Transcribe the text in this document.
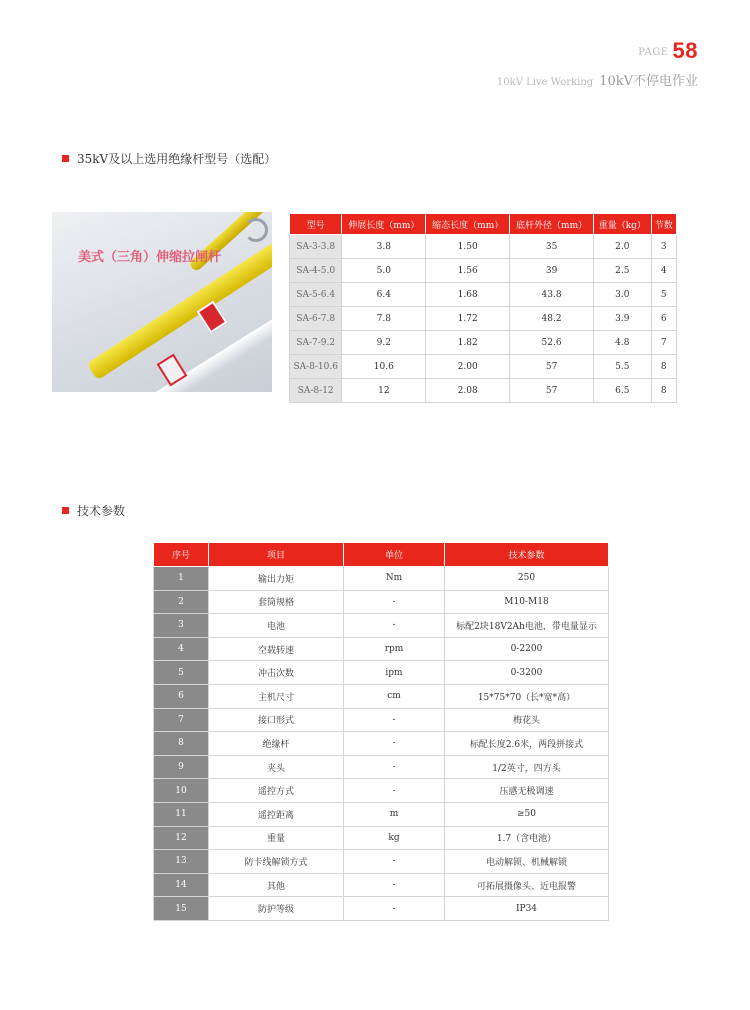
PAGE 58
10kV Live Working 10kV不停电作业
35kV及以上选用绝缘杆型号（选配）
美式（三角）伸缩拉闸杆
型号	伸展长度（mm）	缩态长度（mm）	底杆外径（mm）	重量（kg）	节数
SA-3-3.8	3.8	1.50	35	2.0	3
SA-4-5.0	5.0	1.56	39	2.5	4
SA-5-6.4	6.4	1.68	43.8	3.0	5
SA-6-7.8	7.8	1.72	48.2	3.9	6
SA-7-9.2	9.2	1.82	52.6	4.8	7
SA-8-10.6	10.6	2.00	57	5.5	8
SA-8-12	12	2.08	57	6.5	8
技术参数
序号	项目	单位	技术参数
1	输出力矩	Nm	250
2	套筒规格	-	M10-M18
3	电池	-	标配2块18V2Ah电池，带电量显示
4	空载转速	rpm	0-2200
5	冲击次数	ipm	0-3200
6	主机尺寸	cm	15*75*70（长*宽*高）
7	接口形式	-	梅花头
8	绝缘杆	-	标配长度2.6米，两段拼接式
9	夹头	-	1/2英寸，四方头
10	遥控方式	-	压感无极调速
11	遥控距离	m	≥50
12	重量	kg	1.7（含电池）
13	防卡线解锁方式	-	电动解锁、机械解锁
14	其他	-	可拓展摄像头、近电报警
15	防护等级	-	IP34
